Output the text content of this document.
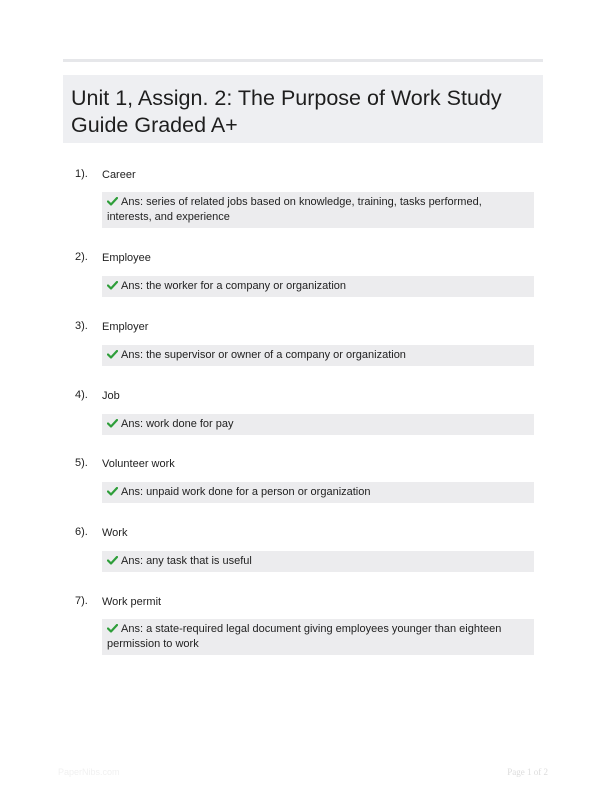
Unit 1, Assign. 2: The Purpose of Work Study Guide Graded A+
1). Career
Ans: series of related jobs based on knowledge, training, tasks performed, interests, and experience
2). Employee
Ans: the worker for a company or organization
3). Employer
Ans: the supervisor or owner of a company or organization
4). Job
Ans: work done for pay
5). Volunteer work
Ans: unpaid work done for a person or organization
6). Work
Ans: any task that is useful
7). Work permit
Ans: a state-required legal document giving employees younger than eighteen permission to work
PaperNibs.com	Page 1 of 2
